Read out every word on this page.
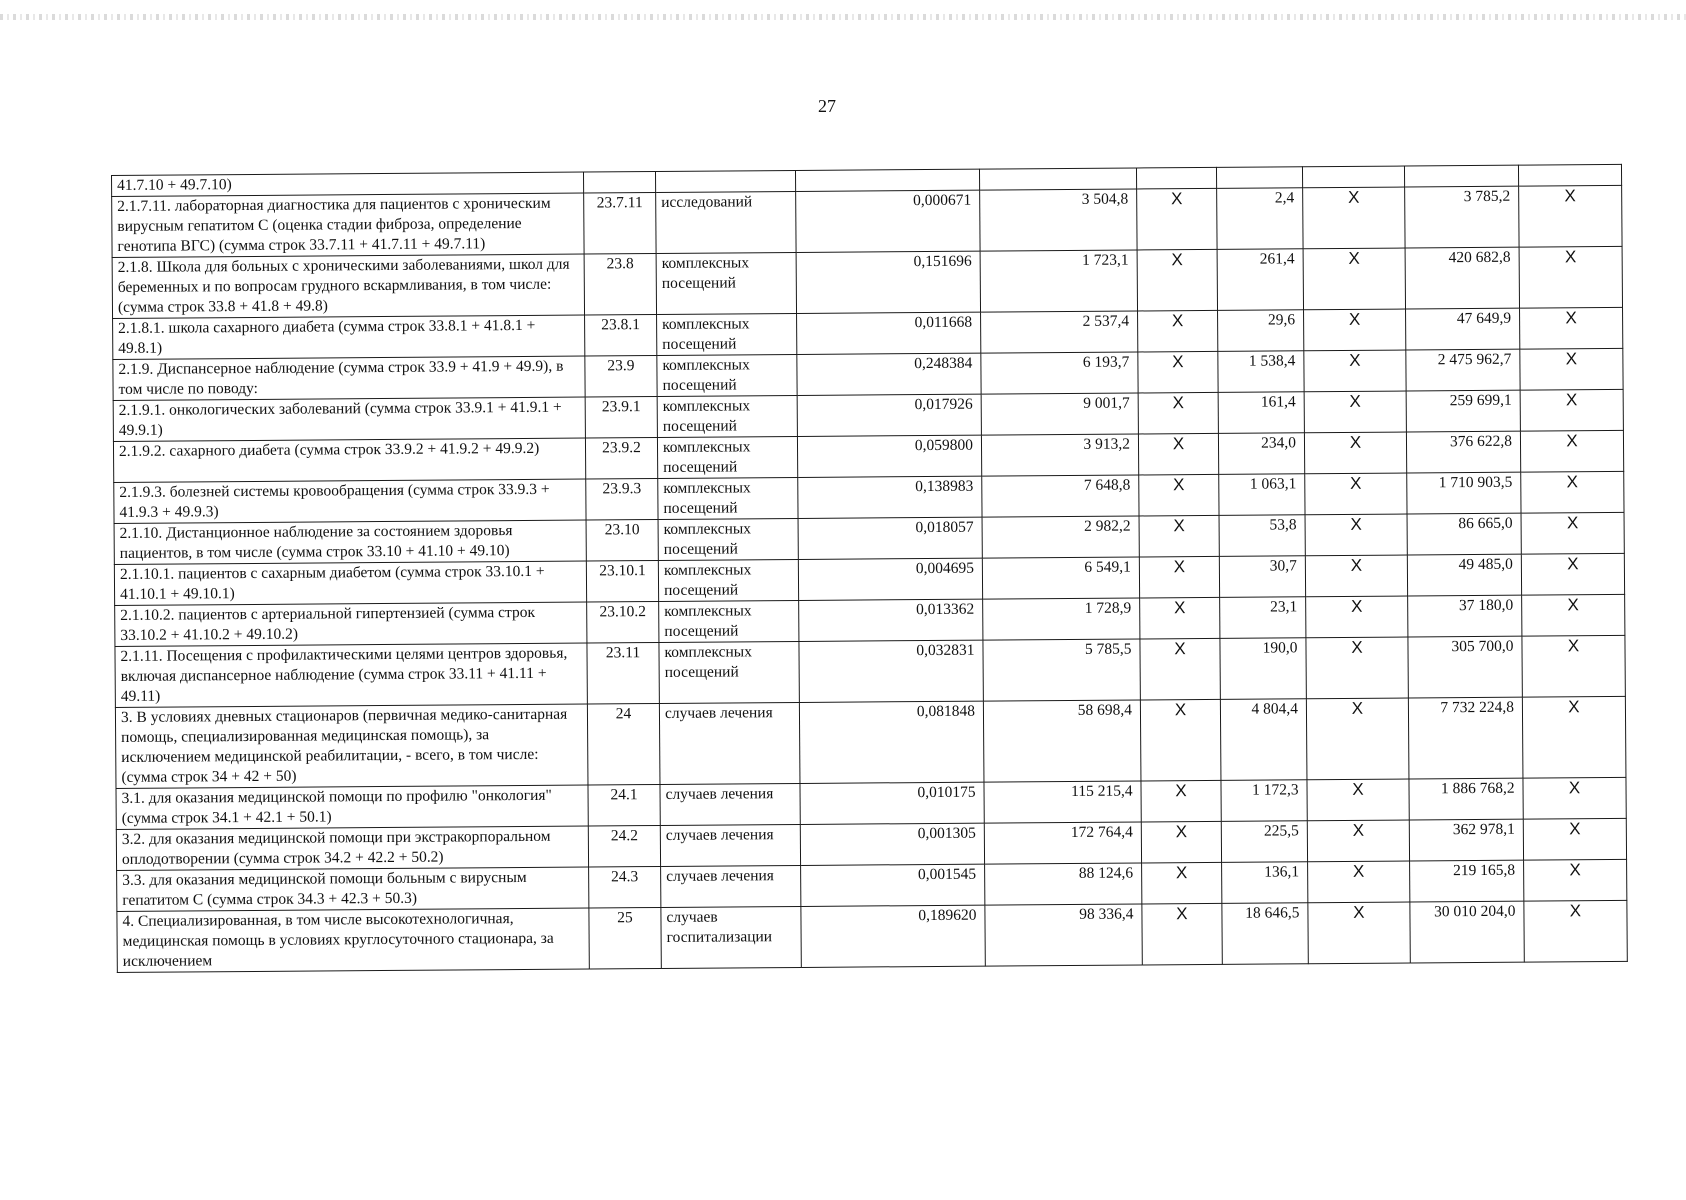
27
41.7.10 + 49.7.10)									
2.1.7.11. лабораторная диагностика для пациентов с хроническим вирусным гепатитом С (оценка стадии фиброза, определение генотипа ВГС) (сумма строк 33.7.11 + 41.7.11 + 49.7.11)	23.7.11	исследований	0,000671	3 504,8	X	2,4	X	3 785,2	X
2.1.8. Школа для больных с хроническими заболеваниями, школ для беременных и по вопросам грудного вскармливания, в том числе: (сумма строк 33.8 + 41.8 + 49.8)	23.8	комплексных посещений	0,151696	1 723,1	X	261,4	X	420 682,8	X
2.1.8.1. школа сахарного диабета (сумма строк 33.8.1 + 41.8.1 + 49.8.1)	23.8.1	комплексных посещений	0,011668	2 537,4	X	29,6	X	47 649,9	X
2.1.9. Диспансерное наблюдение (сумма строк 33.9 + 41.9 + 49.9), в том числе по поводу:	23.9	комплексных посещений	0,248384	6 193,7	X	1 538,4	X	2 475 962,7	X
2.1.9.1. онкологических заболеваний (сумма строк 33.9.1 + 41.9.1 + 49.9.1)	23.9.1	комплексных посещений	0,017926	9 001,7	X	161,4	X	259 699,1	X
2.1.9.2. сахарного диабета (сумма строк 33.9.2 + 41.9.2 + 49.9.2)	23.9.2	комплексных посещений	0,059800	3 913,2	X	234,0	X	376 622,8	X
2.1.9.3. болезней системы кровообращения (сумма строк 33.9.3 + 41.9.3 + 49.9.3)	23.9.3	комплексных посещений	0,138983	7 648,8	X	1 063,1	X	1 710 903,5	X
2.1.10. Дистанционное наблюдение за состоянием здоровья пациентов, в том числе (сумма строк 33.10 + 41.10 + 49.10)	23.10	комплексных посещений	0,018057	2 982,2	X	53,8	X	86 665,0	X
2.1.10.1. пациентов с сахарным диабетом (сумма строк 33.10.1 + 41.10.1 + 49.10.1)	23.10.1	комплексных посещений	0,004695	6 549,1	X	30,7	X	49 485,0	X
2.1.10.2. пациентов с артериальной гипертензией (сумма строк 33.10.2 + 41.10.2 + 49.10.2)	23.10.2	комплексных посещений	0,013362	1 728,9	X	23,1	X	37 180,0	X
2.1.11. Посещения с профилактическими целями центров здоровья, включая диспансерное наблюдение (сумма строк 33.11 + 41.11 + 49.11)	23.11	комплексных посещений	0,032831	5 785,5	X	190,0	X	305 700,0	X
3. В условиях дневных стационаров (первичная медико-санитарная помощь, специализированная медицинская помощь), за исключением медицинской реабилитации, - всего, в том числе: (сумма строк 34 + 42 + 50)	24	случаев лечения	0,081848	58 698,4	X	4 804,4	X	7 732 224,8	X
3.1. для оказания медицинской помощи по профилю "онкология" (сумма строк 34.1 + 42.1 + 50.1)	24.1	случаев лечения	0,010175	115 215,4	X	1 172,3	X	1 886 768,2	X
3.2. для оказания медицинской помощи при экстракорпоральном оплодотворении (сумма строк 34.2 + 42.2 + 50.2)	24.2	случаев лечения	0,001305	172 764,4	X	225,5	X	362 978,1	X
3.3. для оказания медицинской помощи больным с вирусным гепатитом С (сумма строк 34.3 + 42.3 + 50.3)	24.3	случаев лечения	0,001545	88 124,6	X	136,1	X	219 165,8	X
4. Специализированная, в том числе высокотехнологичная, медицинская помощь в условиях круглосуточного стационара, за исключением	25	случаев госпитализации	0,189620	98 336,4	X	18 646,5	X	30 010 204,0	X
